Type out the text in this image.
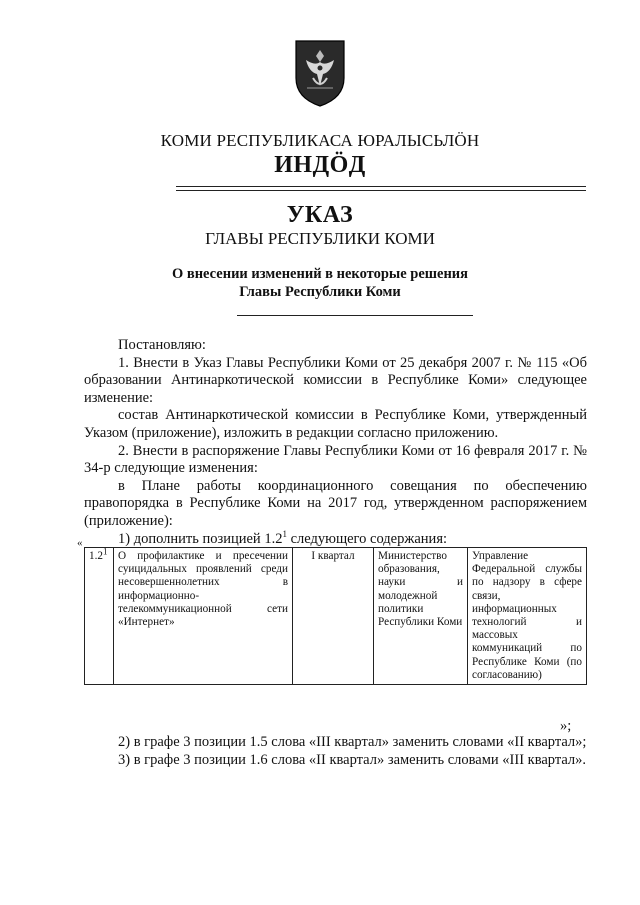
КОМИ РЕСПУБЛИКАСА ЮРАЛЫСЬЛÖН
ИНДÖД
УКАЗ
ГЛАВЫ РЕСПУБЛИКИ КОМИ
О внесении изменений в некоторые решения
Главы Республики Коми

Постановляю:

1. Внести в Указ Главы Республики Коми от 25 декабря 2007 г. № 115 «Об образовании Антинаркотической комиссии в Республике Коми» следующее изменение:

состав Антинаркотической комиссии в Республике Коми, утвержденный Указом (приложение), изложить в редакции согласно приложению.

2. Внести в распоряжение Главы Республики Коми от 16 февраля 2017 г. № 34-р следующие изменения:

в Плане работы координационного совещания по обеспечению правопорядка в Республике Коми на 2017 год, утвержденном распоряжением (приложение):

1) дополнить позицией $1.2^1$ следующего содержания:

«
$1.2^1$	О профилактике и пресечении суицидальных проявлений среди несовершеннолетних в информационно-телекоммуникационной сети «Интернет»	I квартал	Министерство образования, науки и молодежной политики Республики Коми	Управление Федеральной службы по надзору в сфере связи, информационных технологий и массовых коммуникаций по Республике Коми (по согласованию)
»;

2) в графе 3 позиции 1.5 слова «III квартал» заменить словами «II квартал»;

3) в графе 3 позиции 1.6 слова «II квартал» заменить словами «III квартал».
